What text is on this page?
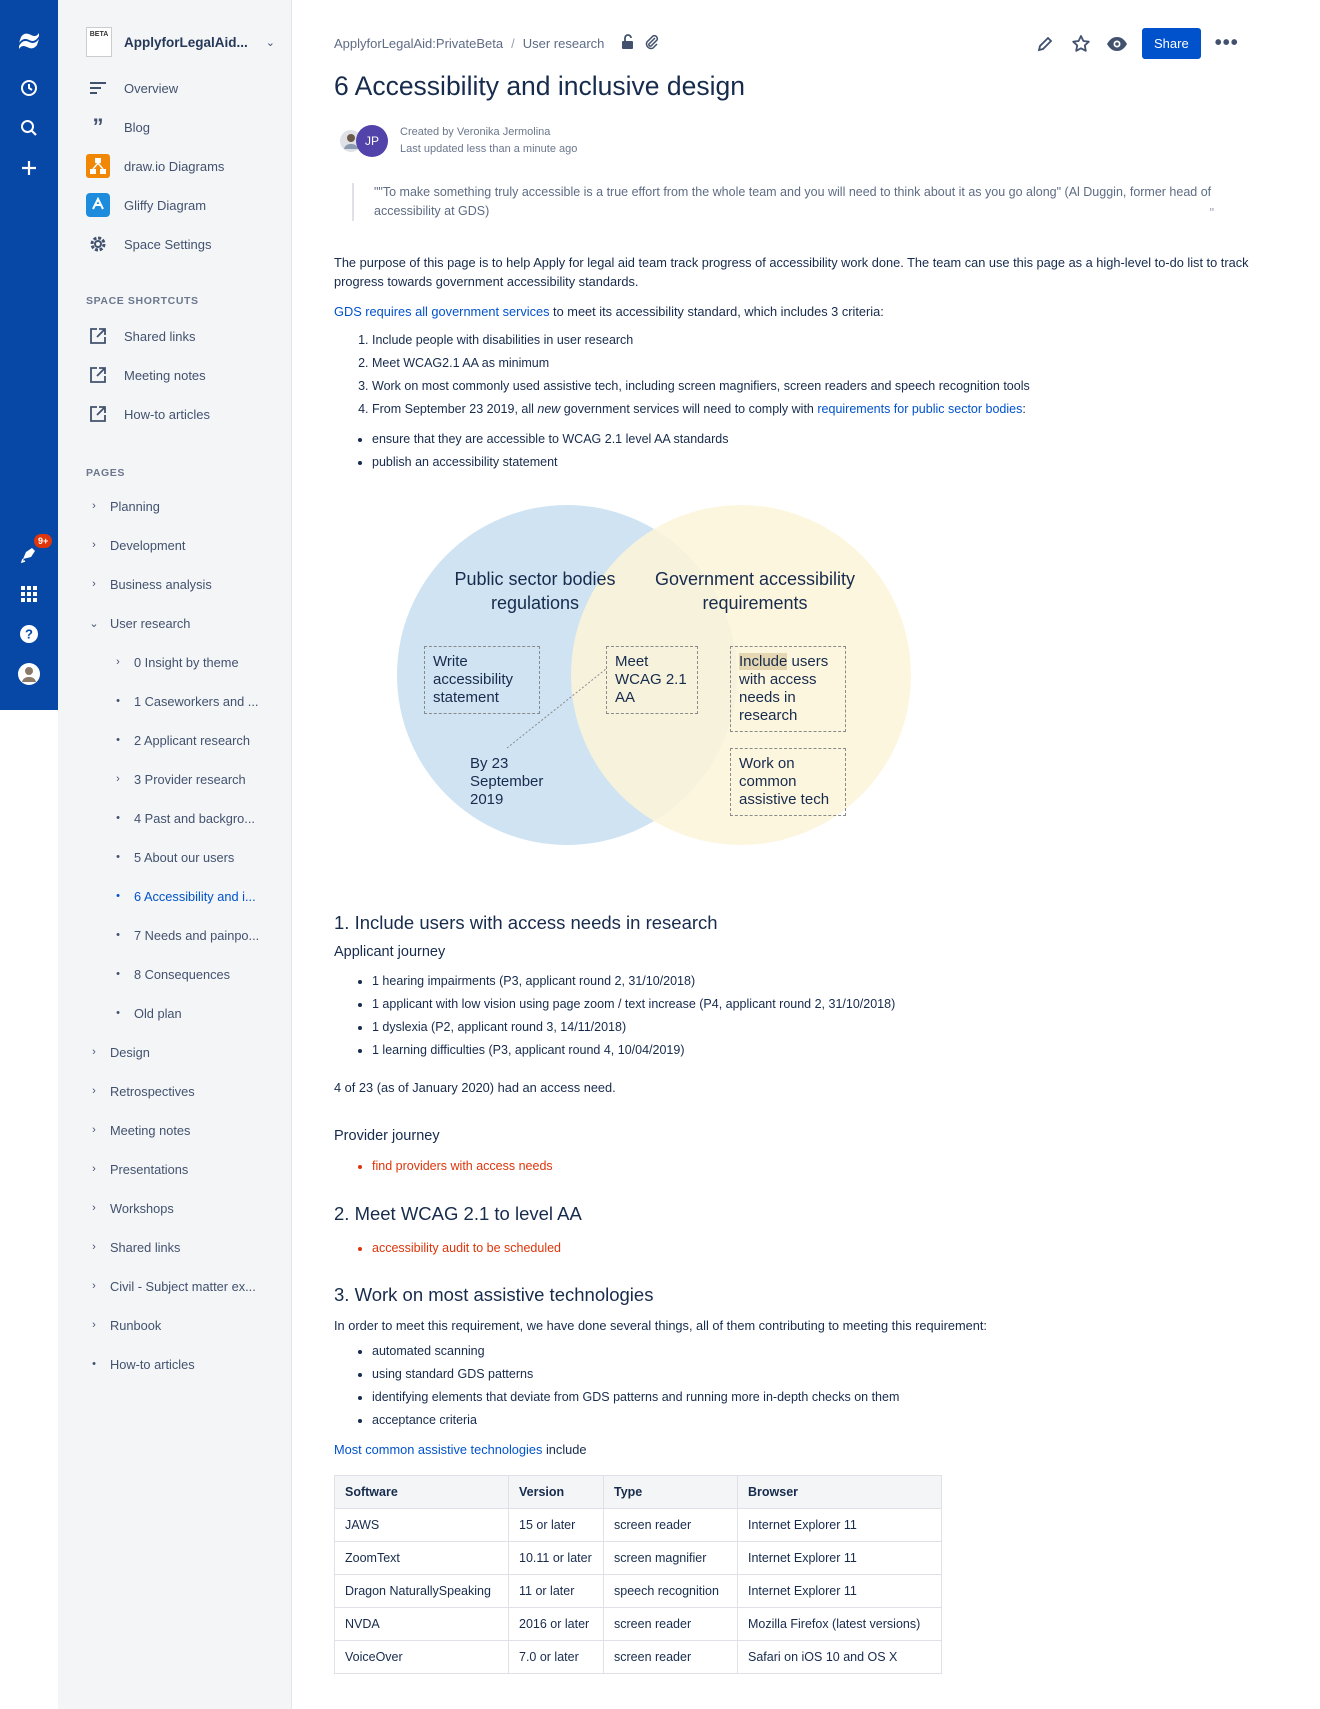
9+
?
BETA ApplyforLegalAid... ⌄
Overview
”	Blog
draw.io Diagrams
Gliffy Diagram
Space Settings
SPACE SHORTCUTS
Shared links
Meeting notes
How-to articles
PAGES
›	Planning
›	Development
›	Business analysis
⌄ User research
›	0 Insight by theme
•	1 Caseworkers and ...
•	2 Applicant research
›	3 Provider research
•	4 Past and backgro...
•	5 About our users
•	6 Accessibility and i...
•	7 Needs and painpo...
•	8 Consequences
•	Old plan
›	Design
›	Retrospectives
›	Meeting notes
›	Presentations
›	Workshops
›	Shared links
›	Civil - Subject matter ex...
›	Runbook
•	How-to articles
ApplyforLegalAid:PrivateBeta / User research	Share	•••
6 Accessibility and inclusive design
JP
Created by Veronika Jermolina
Last updated less than a minute ago
""To make something truly accessible is a true effort from the whole team and you will need to think about it as you go along" (Al Duggin, former head of accessibility at GDS)	"

The purpose of this page is to help Apply for legal aid team track progress of accessibility work done. The team can use this page as a high-level to-do list to track progress towards government accessibility standards.

GDS requires all government services to meet its accessibility standard, which includes 3 criteria:

1. Include people with disabilities in user research
2. Meet WCAG2.1 AA as minimum
3. Work on most commonly used assistive tech, including screen magnifiers, screen readers and speech recognition tools
4. From September 23 2019, all new government services will need to comply with requirements for public sector bodies:
• ensure that they are accessible to WCAG 2.1 level AA standards
• publish an accessibility statement
Public sector bodies regulations
Government accessibility requirements
Write accessibility statement
Meet WCAG 2.1 AA
Include users with access needs in research
Work on common assistive tech
By 23 September 2019
1. Include users with access needs in research
Applicant journey
• 1 hearing impairments (P3, applicant round 2, 31/10/2018)
• 1 applicant with low vision using page zoom / text increase (P4, applicant round 2, 31/10/2018)
• 1 dyslexia (P2, applicant round 3, 14/11/2018)
• 1 learning difficulties (P3, applicant round 4, 10/04/2019)

4 of 23 (as of January 2020) had an access need.

Provider journey
• find providers with access needs
2. Meet WCAG 2.1 to level AA
• accessibility audit to be scheduled
3. Work on most assistive technologies

In order to meet this requirement, we have done several things, all of them contributing to meeting this requirement:

• automated scanning
• using standard GDS patterns
• identifying elements that deviate from GDS patterns and running more in-depth checks on them
• acceptance criteria

Most common assistive technologies include

Software	Version	Type	Browser
JAWS	15 or later	screen reader	Internet Explorer 11
ZoomText	10.11 or later	screen magnifier	Internet Explorer 11
Dragon NaturallySpeaking	11 or later	speech recognition	Internet Explorer 11
NVDA	2016 or later	screen reader	Mozilla Firefox (latest versions)
VoiceOver	7.0 or later	screen reader	Safari on iOS 10 and OS X
